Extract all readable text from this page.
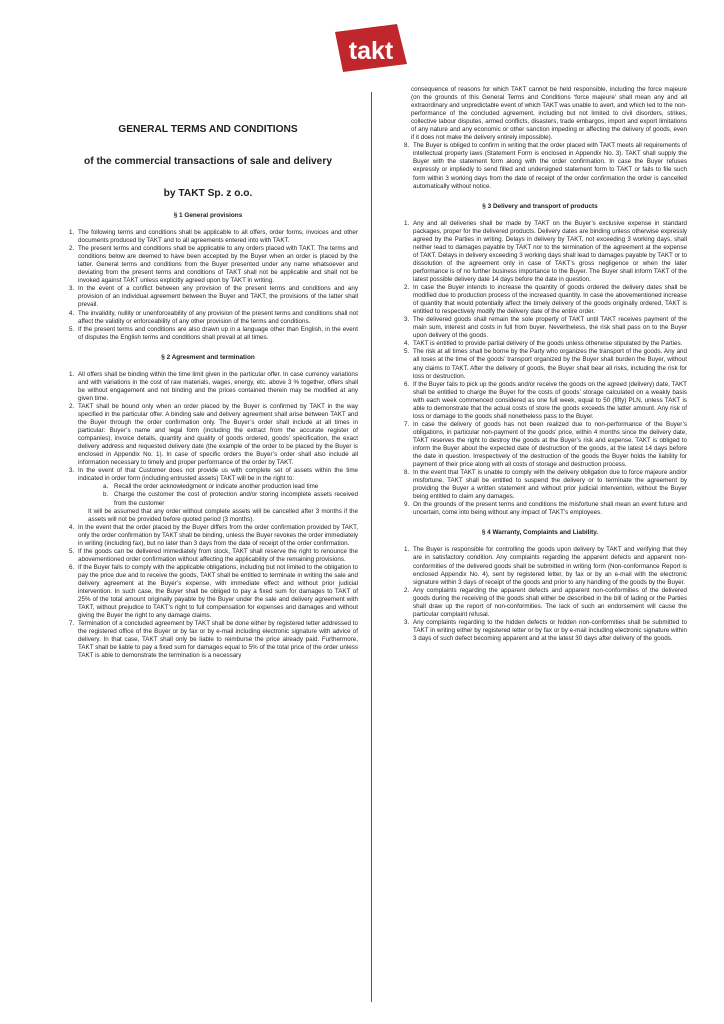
takt

GENERAL TERMS AND CONDITIONS

of the commercial transactions of sale and delivery

by TAKT Sp. z o.o.

§ 1 General provisions

1. The following terms and conditions shall be applicable to all offers, order forms, invoices and other documents produced by TAKT and to all agreements entered into with TAKT.
2. The present terms and conditions shall be applicable to any orders placed with TAKT. The terms and conditions below are deemed to have been accepted by the Buyer when an order is placed by the latter. General terms and conditions from the Buyer presented under any name whatsoever and deviating from the present terms and conditions of TAKT shall not be applicable and shall not be invoked against TAKT unless explicitly agreed upon by TAKT in writing.
3. In the event of a conflict between any provision of the present terms and conditions and any provision of an individual agreement between the Buyer and TAKT, the provisions of the latter shall prevail.
4. The invalidity, nullity or unenforceability of any provision of the present terms and conditions shall not affect the validity or enforceability of any other provision of the terms and conditions.
5. If the present terms and conditions are also drawn up in a language other than English, in the event of disputes the English terms and conditions shall prevail at all times.

§ 2 Agreement and termination

1. All offers shall be binding within the time limit given in the particular offer. In case currency variations and with variations in the cost of raw materials, wages, energy, etc. above 3 % together, offers shall be without engagement and not binding and the prices contained therein may be modified at any given time.
2. TAKT shall be bound only when an order placed by the Buyer is confirmed by TAKT in the way specified in the particular offer. A binding sale and delivery agreement shall arise between TAKT and the Buyer through the order confirmation only. The Buyer’s order shall include at all times in particular: Buyer’s name and legal form (including the extract from the accurate register of companies), invoice details, quantity and quality of goods ordered, goods’ specification, the exact delivery address and requested delivery date (the example of the order to be placed by the Buyer is enclosed in Appendix No. 1). In case of specific orders the Buyer’s order shall also include all information necessary to timely and proper performance of the order by TAKT.
3. In the event of that Customer does not provide us with complete set of assets within the time indicated in order form (including entrusted assets) TAKT will be in the right to:
a. Recall the order acknowledgment or indicate another production lead time
b. Charge the customer the cost of protection and/or storing incomplete assets received from the customer

It will be assumed that any order without complete assets will be cancelled after 3 months if the assets will not be provided before quoted period (3 months).

4. In the event that the order placed by the Buyer differs from the order confirmation provided by TAKT, only the order confirmation by TAKT shall be binding, unless the Buyer revokes the order immediately in writing (including fax), but no later than 3 days from the date of receipt of the order confirmation.
5. If the goods can be delivered immediately from stock, TAKT shall reserve the right to renounce the abovementioned order confirmation without affecting the applicability of the remaining provisions.
6. If the Buyer fails to comply with the applicable obligations, including but not limited to the obligation to pay the price due and to receive the goods, TAKT shall be entitled to terminate in writing the sale and delivery agreement at the Buyer’s expense, with immediate effect and without prior judicial intervention. In such case, the Buyer shall be obliged to pay a fixed sum for damages to TAKT of 25% of the total amount originally payable by the Buyer under the sale and delivery agreement with TAKT, without prejudice to TAKT’s right to full compensation for expenses and damages and without giving the Buyer the right to any damage claims.
7. Termination of a concluded agreement by TAKT shall be done either by registered letter addressed to the registered office of the Buyer or by fax or by e-mail including electronic signature with advice of delivery. In that case, TAKT shall only be liable to reimburse the price already paid. Furthermore, TAKT shall be liable to pay a fixed sum for damages equal to 5% of the total price of the order unless TAKT is able to demonstrate the termination is a necessary

consequence of reasons for which TAKT cannot be held responsible, including the force majeure (on the grounds of this General Terms and Conditions ‘force majeure’ shall mean any and all extraordinary and unpredictable event of which TAKT was unable to avert, and which led to the non-performance of the concluded agreement, including but not limited to civil disorders, strikes, collective labour disputes, armed conflicts, disasters, trade embargos, import and export limitations of any nature and any economic or other sanction impeding or affecting the delivery of goods, even if it does not make the delivery entirely impossible).

8. The Buyer is obliged to confirm in writing that the order placed with TAKT meets all requirements of intellectual property laws (Statement Form is enclosed in Appendix No. 3). TAKT shall supply the Buyer with the statement form along with the order confirmation. In case the Buyer refuses expressly or impliedly to send filled and undersigned statement form to TAKT or fails to file such form within 3 working days from the date of receipt of the order confirmation the order is cancelled automatically without notice.

§ 3 Delivery and transport of products

1. Any and all deliveries shall be made by TAKT on the Buyer’s exclusive expense in standard packages, proper for the delivered products. Delivery dates are binding unless otherwise expressly agreed by the Parties in writing. Delays in delivery by TAKT, not exceeding 3 working days, shall neither lead to damages payable by TAKT nor to the termination of the agreement at the expense of TAKT. Delays in delivery exceeding 3 working days shall lead to damages payable by TAKT or to dissolution of the agreement only in case of TAKT’s gross negligence or when the later performance is of no further business importance to the Buyer. The Buyer shall inform TAKT of the latest possible delivery date 14 days before the date in question.
2. In case the Buyer intends to increase the quantity of goods ordered the delivery dates shall be modified due to production process of the increased quantity. In case the abovementioned increase of quantity that would potentially affect the timely delivery of the goods originally ordered, TAKT is entitled to respectively modify the delivery date of the entire order.
3. The delivered goods shall remain the sole property of TAKT until TAKT receives payment of the main sum, interest and costs in full from buyer. Nevertheless, the risk shall pass on to the Buyer upon delivery of the goods.
4. TAKT is entitled to provide partial delivery of the goods unless otherwise stipulated by the Parties.
5. The risk at all times shall be borne by the Party who organizes the transport of the goods. Any and all loses at the time of the goods’ transport organized by the Buyer shall burden the Buyer, without any claims to TAKT. After the delivery of goods, the Buyer shall bear all risks, including the risk for loss or destruction.
6. If the Buyer fails to pick up the goods and/or receive the goods on the agreed (delivery) date, TAKT shall be entitled to charge the Buyer for the costs of goods’ storage calculated on a weakly basis with each week commenced considered as one full week, equal to 50 (fifty) PLN, unless TAKT is able to demonstrate that the actual costs of store the goods exceeds the latter amount. Any risk of loss or damage to the goods shall nonetheless pass to the Buyer.
7. In case the delivery of goods has not been realized due to non-performance of the Buyer’s obligations, in particular non-payment of the goods’ price, within 4 months since the delivery date, TAKT reserves the right to destroy the goods at the Buyer’s risk and expense. TAKT is obliged to inform the Buyer about the expected date of destruction of the goods, at the latest 14 days before the date in question. Irrespectively of the destruction of the goods the Buyer holds the liability for payment of their price along with all costs of storage and destruction process.
8. In the event that TAKT is unable to comply with the delivery obligation due to force majeure and/or misfortune, TAKT shall be entitled to suspend the delivery or to terminate the agreement by providing the Buyer a written statement and without prior judicial intervention, without the Buyer being entitled to claim any damages.
9. On the grounds of the present terms and conditions the misfortune shall mean an event future and uncertain, come into being without any impact of TAKT’s employees.

§ 4 Warranty, Complaints and Liability.

1. The Buyer is responsible for controlling the goods upon delivery by TAKT and verifying that they are in satisfactory condition. Any complaints regarding the apparent defects and apparent non-conformities of the delivered goods shall be submitted in writing form (Non-conformance Report is enclosed Appendix No. 4), sent by registered letter, by fax or by an e-mail with the electronic signature within 3 days of receipt of the goods and prior to any handling of the goods by the Buyer.
2. Any complaints regarding the apparent defects and apparent non-conformities of the delivered goods during the receiving of the goods shall either be described in the bill of lading or the Parties shall draw up the report of non-conformities. The lack of such an endorsement will cause the particular complaint refusal.
3. Any complaints regarding to the hidden defects or hidden non-conformities shall be submitted to TAKT in writing either by registered letter or by fax or by e-mail including electronic signature within 3 days of such defect becoming apparent and at the latest 30 days after delivery of the goods.
